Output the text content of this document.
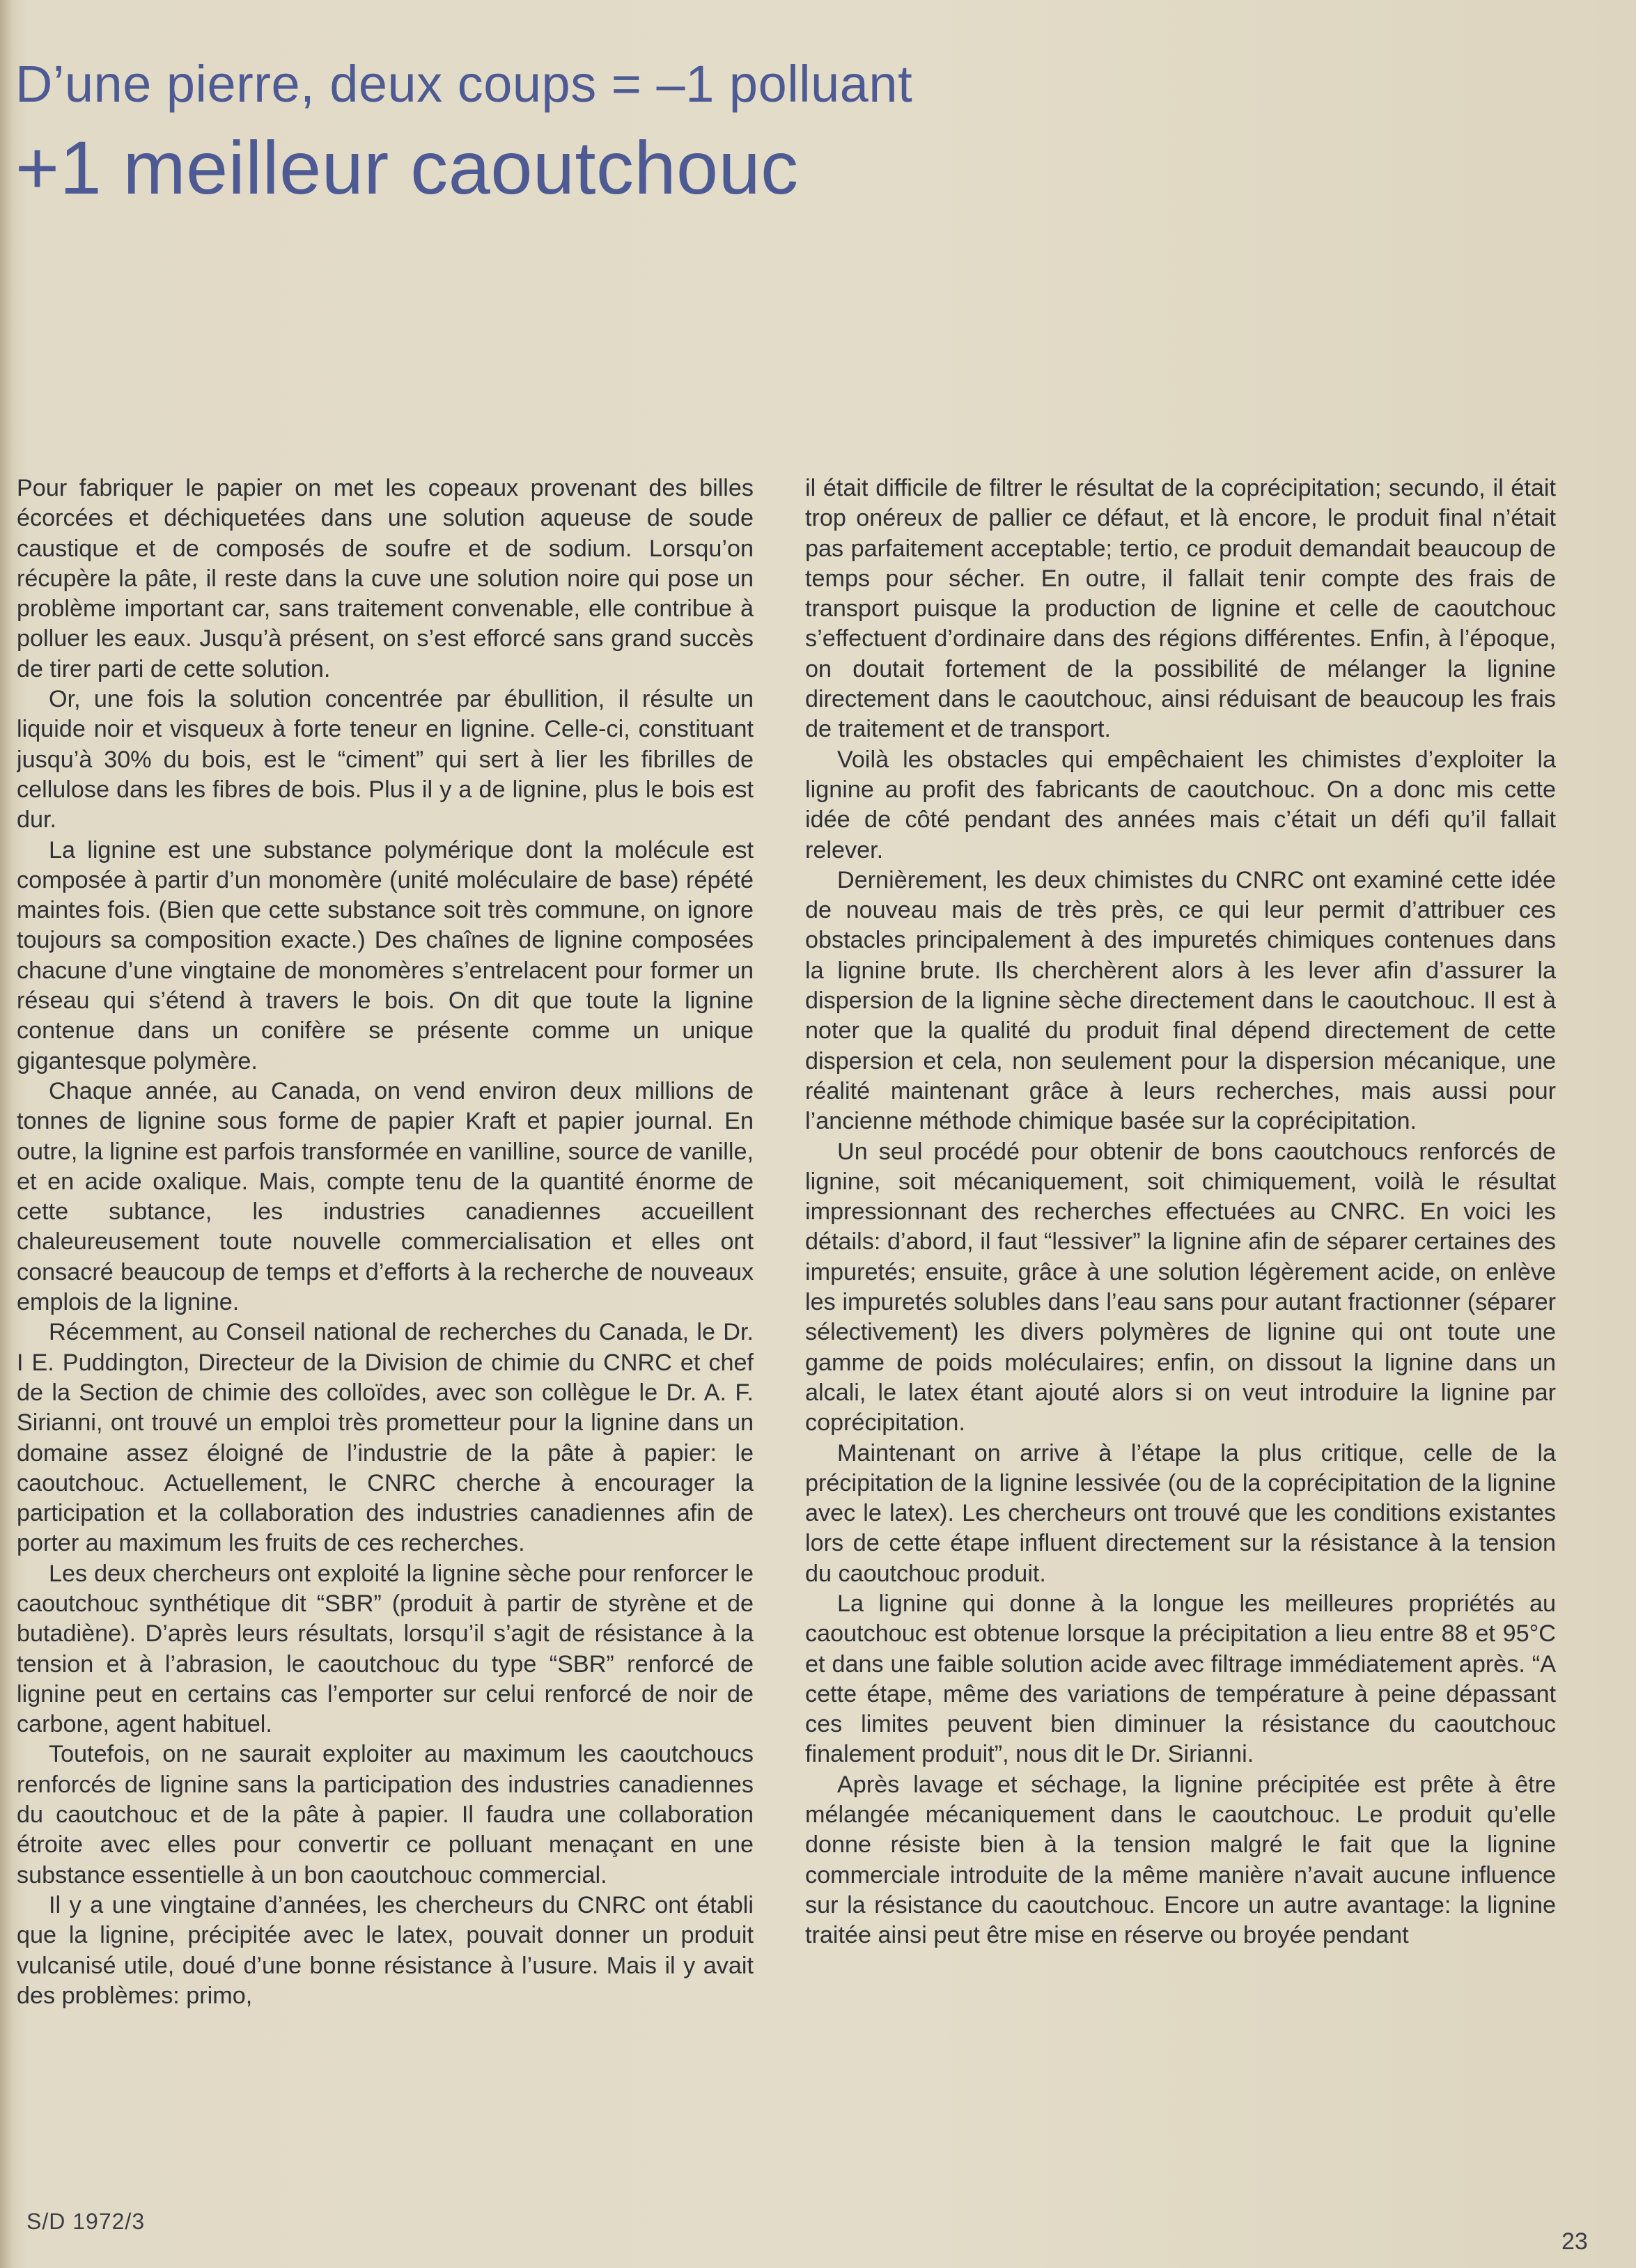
D’une pierre, deux coups = –1 polluant
+1 meilleur caoutchouc

Pour fabriquer le papier on met les copeaux provenant des billes écorcées et déchiquetées dans une solution aqueuse de soude caustique et de composés de soufre et de sodium. Lorsqu’on récupère la pâte, il reste dans la cuve une solution noire qui pose un problème important car, sans traitement convenable, elle contribue à polluer les eaux. Jusqu’à présent, on s’est efforcé sans grand succès de tirer parti de cette solution.

Or, une fois la solution concentrée par ébullition, il résulte un liquide noir et visqueux à forte teneur en lignine. Celle-ci, constituant jusqu’à 30% du bois, est le “ciment” qui sert à lier les fibrilles de cellulose dans les fibres de bois. Plus il y a de lignine, plus le bois est dur.

La lignine est une substance polymérique dont la molécule est composée à partir d’un monomère (unité moléculaire de base) répété maintes fois. (Bien que cette substance soit très commune, on ignore toujours sa composition exacte.) Des chaînes de lignine composées chacune d’une vingtaine de monomères s’entrelacent pour former un réseau qui s’étend à travers le bois. On dit que toute la lignine contenue dans un conifère se présente comme un unique gigantesque polymère.

Chaque année, au Canada, on vend environ deux millions de tonnes de lignine sous forme de papier Kraft et papier journal. En outre, la lignine est parfois transformée en vanilline, source de vanille, et en acide oxalique. Mais, compte tenu de la quantité énorme de cette subtance, les industries canadiennes accueillent chaleureusement toute nouvelle commercialisation et elles ont consacré beaucoup de temps et d’efforts à la recherche de nouveaux emplois de la lignine.

Récemment, au Conseil national de recherches du Canada, le Dr. I E. Puddington, Directeur de la Division de chimie du CNRC et chef de la Section de chimie des colloïdes, avec son collègue le Dr. A. F. Sirianni, ont trouvé un emploi très prometteur pour la lignine dans un domaine assez éloigné de l’industrie de la pâte à papier: le caoutchouc. Actuellement, le CNRC cherche à encourager la participation et la collaboration des industries canadiennes afin de porter au maximum les fruits de ces recherches.

Les deux chercheurs ont exploité la lignine sèche pour renforcer le caoutchouc synthétique dit “SBR” (produit à partir de styrène et de butadiène). D’après leurs résultats, lorsqu’il s’agit de résistance à la tension et à l’abrasion, le caoutchouc du type “SBR” renforcé de lignine peut en certains cas l’emporter sur celui renforcé de noir de carbone, agent habituel.

Toutefois, on ne saurait exploiter au maximum les caoutchoucs renforcés de lignine sans la participation des industries canadiennes du caoutchouc et de la pâte à papier. Il faudra une collaboration étroite avec elles pour convertir ce polluant menaçant en une substance essentielle à un bon caoutchouc commercial.

Il y a une vingtaine d’années, les chercheurs du CNRC ont établi que la lignine, précipitée avec le latex, pouvait donner un produit vulcanisé utile, doué d’une bonne résistance à l’usure. Mais il y avait des problèmes: primo,

il était difficile de filtrer le résultat de la coprécipitation; secundo, il était trop onéreux de pallier ce défaut, et là encore, le produit final n’était pas parfaitement acceptable; tertio, ce produit demandait beaucoup de temps pour sécher. En outre, il fallait tenir compte des frais de transport puisque la production de lignine et celle de caoutchouc s’effectuent d’ordinaire dans des régions différentes. Enfin, à l’époque, on doutait fortement de la possibilité de mélanger la lignine directement dans le caoutchouc, ainsi réduisant de beaucoup les frais de traitement et de transport.

Voilà les obstacles qui empêchaient les chimistes d’exploiter la lignine au profit des fabricants de caoutchouc. On a donc mis cette idée de côté pendant des années mais c’était un défi qu’il fallait relever.

Dernièrement, les deux chimistes du CNRC ont examiné cette idée de nouveau mais de très près, ce qui leur permit d’attribuer ces obstacles principalement à des impuretés chimiques contenues dans la lignine brute. Ils cherchèrent alors à les lever afin d’assurer la dispersion de la lignine sèche directement dans le caoutchouc. Il est à noter que la qualité du produit final dépend directement de cette dispersion et cela, non seulement pour la dispersion mécanique, une réalité maintenant grâce à leurs recherches, mais aussi pour l’ancienne méthode chimique basée sur la coprécipitation.

Un seul procédé pour obtenir de bons caoutchoucs renforcés de lignine, soit mécaniquement, soit chimiquement, voilà le résultat impressionnant des recherches effectuées au CNRC. En voici les détails: d’abord, il faut “lessiver” la lignine afin de séparer certaines des impuretés; ensuite, grâce à une solution légèrement acide, on enlève les impuretés solubles dans l’eau sans pour autant fractionner (séparer sélectivement) les divers polymères de lignine qui ont toute une gamme de poids moléculaires; enfin, on dissout la lignine dans un alcali, le latex étant ajouté alors si on veut introduire la lignine par coprécipitation.

Maintenant on arrive à l’étape la plus critique, celle de la précipitation de la lignine lessivée (ou de la coprécipitation de la lignine avec le latex). Les chercheurs ont trouvé que les conditions existantes lors de cette étape influent directement sur la résistance à la tension du caoutchouc produit.

La lignine qui donne à la longue les meilleures propriétés au caoutchouc est obtenue lorsque la précipitation a lieu entre 88 et 95°C et dans une faible solution acide avec filtrage immédiatement après. “A cette étape, même des variations de température à peine dépassant ces limites peuvent bien diminuer la résistance du caoutchouc finalement produit”, nous dit le Dr. Sirianni.

Après lavage et séchage, la lignine précipitée est prête à être mélangée mécaniquement dans le caoutchouc. Le produit qu’elle donne résiste bien à la tension malgré le fait que la lignine commerciale introduite de la même manière n’avait aucune influence sur la résistance du caoutchouc. Encore un autre avantage: la lignine traitée ainsi peut être mise en réserve ou broyée pendant

S/D 1972/3
23
